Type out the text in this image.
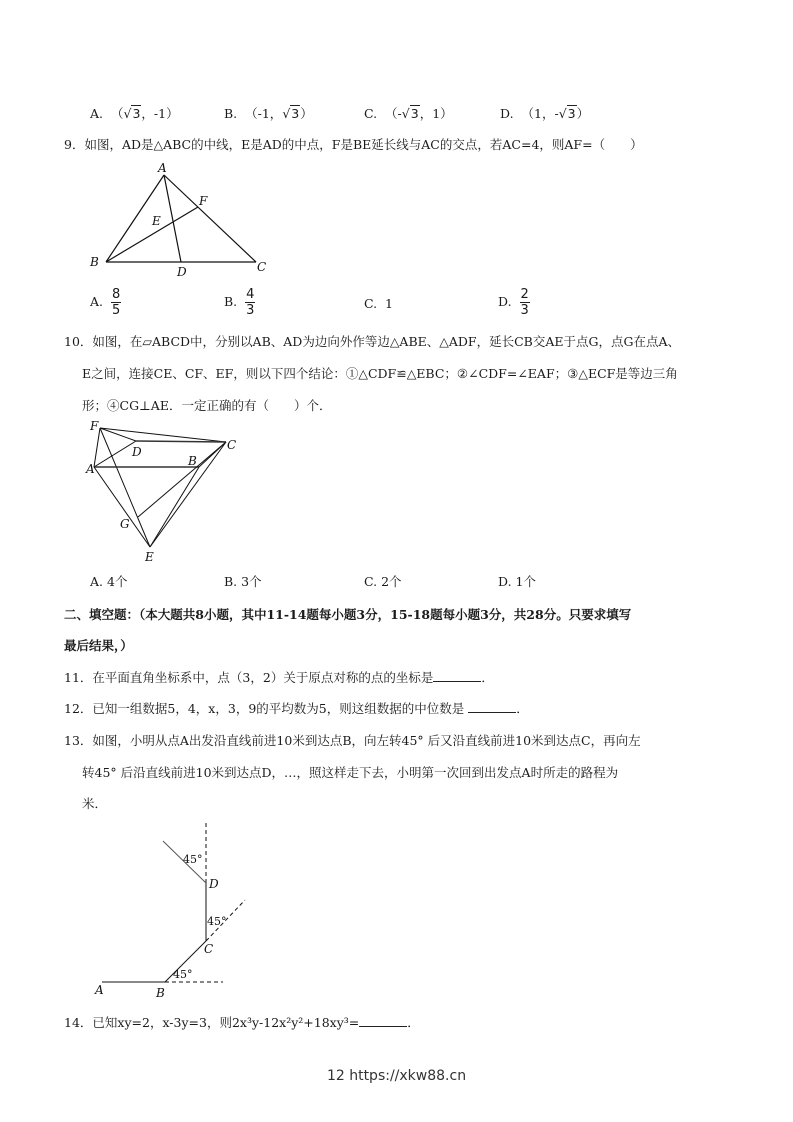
A. （√3，-1）	B. （-1，√3）	C. （-√3，1）	D. （1，-√3）
9．如图，AD是△ABC的中线，E是AD的中点，F是BE延长线与AC的交点，若AC=4，则AF=（　　）
A
F
E
B
D	C
A. $\frac{8}{5}$	B. $\frac{4}{3}$	C. 1	D. $\frac{2}{3}$
10．如图，在▱ABCD中，分别以AB、AD为边向外作等边△ABE、△ADF，延长CB交AE于点G，点G在点A、
E之间，连接CE、CF、EF，则以下四个结论：①△CDF≌△EBC；②∠CDF=∠EAF；③△ECF是等边三角
形；④CG⊥AE．一定正确的有（　　）个．
F
D	C
A
B
G
E
A. 4个	B. 3个	C. 2个	D. 1个
二、填空题：（本大题共8小题，其中11-14题每小题3分，15-18题每小题3分，共28分。只要求填写
最后结果，）
11．在平面直角坐标系中，点（3，2）关于原点对称的点的坐标是	．
12．已知一组数据5，4，x，3，9的平均数为5，则这组数据的中位数是	．
13．如图，小明从点A出发沿直线前进10米到达点B，向左转45° 后又沿直线前进10米到达点C，再向左
转45° 后沿直线前进10米到达点D，…，照这样走下去，小明第一次回到出发点A时所走的路程为
米．
45°
D
45°
C
45°
A	B
14．已知xy=2，x-3y=3，则2x³y-12x²y²+18xy³=	．
12 https://xkw88.cn
